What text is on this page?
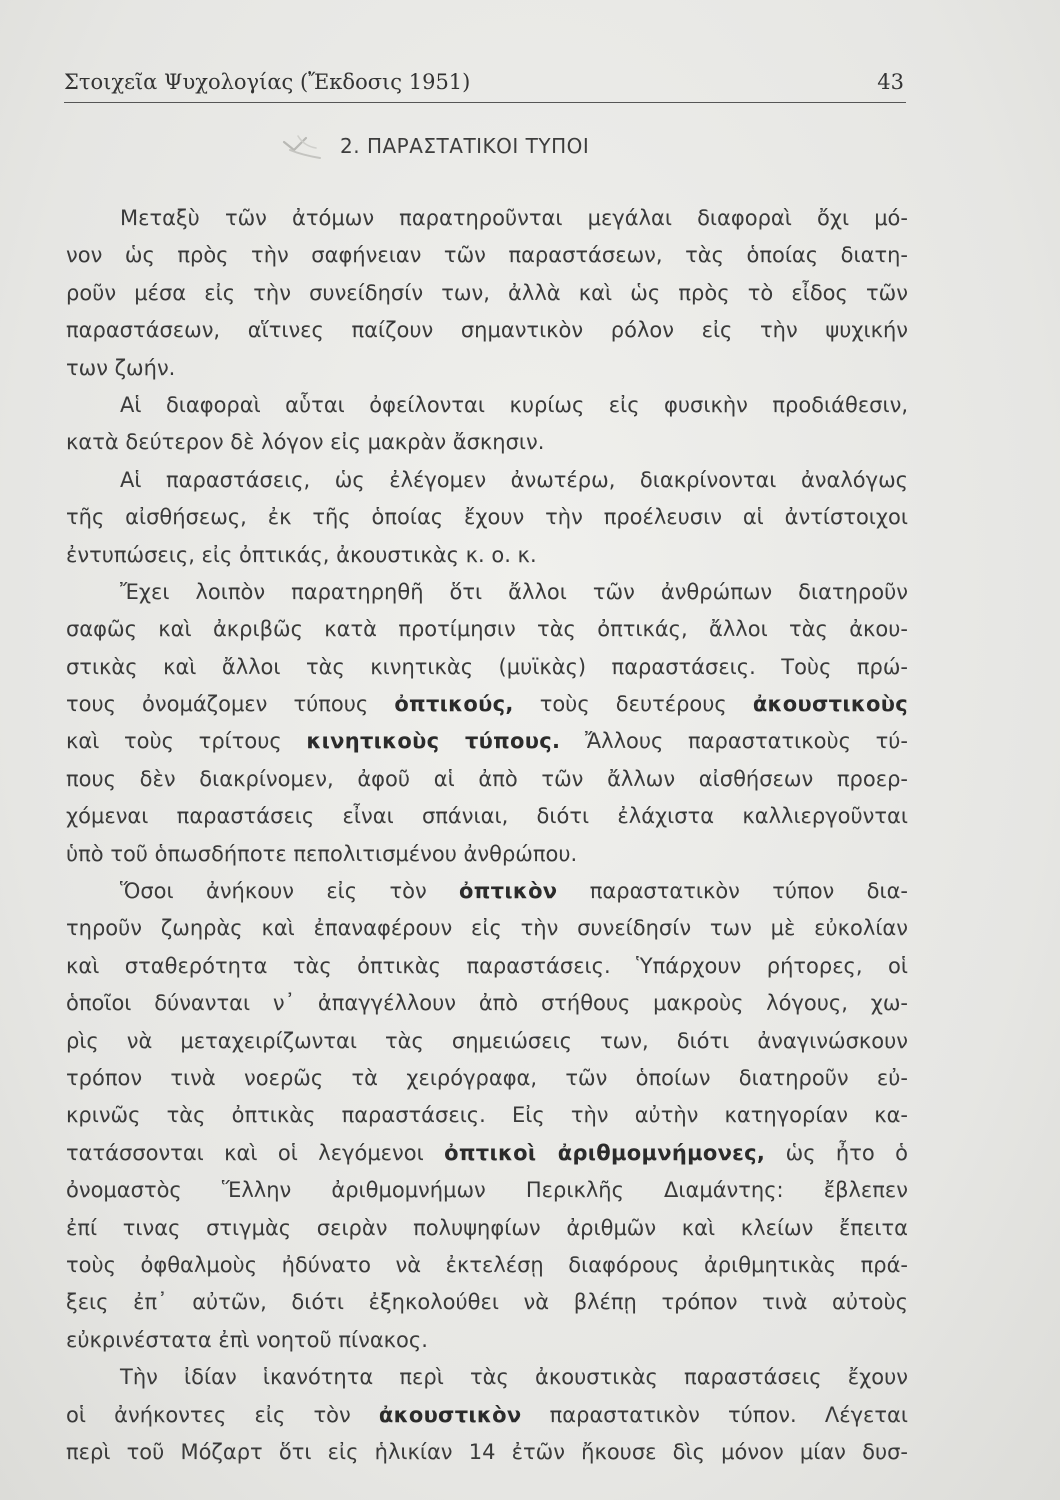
Στοιχεῖα Ψυχολογίας (Ἔκδοσις 1951)	43
2. ΠΑΡΑΣΤΑΤΙΚΟΙ ΤΥΠΟΙ
Μεταξὺ τῶν ἀτόμων παρατηροῦνται μεγάλαι διαφοραὶ ὄχι μό-
νον ὡς πρὸς τὴν σαφήνειαν τῶν παραστάσεων, τὰς ὁποίας διατη-
ροῦν μέσα εἰς τὴν συνείδησίν των, ἀλλὰ καὶ ὡς πρὸς τὸ εἶδος τῶν
παραστάσεων, αἵτινες παίζουν σημαντικὸν ρόλον εἰς τὴν ψυχικήν
των ζωήν.
Αἱ διαφοραὶ αὗται ὀφείλονται κυρίως εἰς φυσικὴν προδιάθεσιν,
κατὰ δεύτερον δὲ λόγον εἰς μακρὰν ἄσκησιν.
Αἱ παραστάσεις, ὡς ἐλέγομεν ἀνωτέρω, διακρίνονται ἀναλόγως
τῆς αἰσθήσεως, ἐκ τῆς ὁποίας ἔχουν τὴν προέλευσιν αἱ ἀντίστοιχοι
ἐντυπώσεις, εἰς ὀπτικάς, ἀκουστικὰς κ. ο. κ.
Ἔχει λοιπὸν παρατηρηθῆ ὅτι ἄλλοι τῶν ἀνθρώπων διατηροῦν
σαφῶς καὶ ἀκριβῶς κατὰ προτίμησιν τὰς ὀπτικάς, ἄλλοι τὰς ἀκου-
στικὰς καὶ ἄλλοι τὰς κινητικὰς (μυϊκὰς) παραστάσεις. Τοὺς πρώ-
τους ὀνομάζομεν τύπους ὀπτικούς, τοὺς δευτέρους ἀκουστικοὺς
καὶ τοὺς τρίτους κινητικοὺς τύπους. Ἄλλους παραστατικοὺς τύ-
πους δὲν διακρίνομεν, ἀφοῦ αἱ ἀπὸ τῶν ἄλλων αἰσθήσεων προερ-
χόμεναι παραστάσεις εἶναι σπάνιαι, διότι ἐλάχιστα καλλιεργοῦνται
ὑπὸ τοῦ ὁπωσδήποτε πεπολιτισμένου ἀνθρώπου.
Ὅσοι ἀνήκουν εἰς τὸν ὀπτικὸν παραστατικὸν τύπον δια-
τηροῦν ζωηρὰς καὶ ἐπαναφέρουν εἰς τὴν συνείδησίν των μὲ εὐκολίαν
καὶ σταθερότητα τὰς ὀπτικὰς παραστάσεις. Ὑπάρχουν ρήτορες, οἱ
ὁποῖοι δύνανται ν᾽ ἀπαγγέλλουν ἀπὸ στήθους μακροὺς λόγους, χω-
ρὶς νὰ μεταχειρίζωνται τὰς σημειώσεις των, διότι ἀναγινώσκουν
τρόπον τινὰ νοερῶς τὰ χειρόγραφα, τῶν ὁποίων διατηροῦν εὐ-
κρινῶς τὰς ὀπτικὰς παραστάσεις. Εἰς τὴν αὐτὴν κατηγορίαν κα-
τατάσσονται καὶ οἱ λεγόμενοι ὀπτικοὶ ἀριθμομνήμονες, ὡς ἦτο ὁ
ὀνομαστὸς Ἕλλην ἀριθμομνήμων Περικλῆς Διαμάντης: ἔβλεπεν
ἐπί τινας στιγμὰς σειρὰν πολυψηφίων ἀριθμῶν καὶ κλείων ἔπειτα
τοὺς ὀφθαλμοὺς ἠδύνατο νὰ ἐκτελέσῃ διαφόρους ἀριθμητικὰς πρά-
ξεις ἐπ᾽ αὐτῶν, διότι ἐξηκολούθει νὰ βλέπῃ τρόπον τινὰ αὐτοὺς
εὐκρινέστατα ἐπὶ νοητοῦ πίνακος.
Τὴν ἰδίαν ἱκανότητα περὶ τὰς ἀκουστικὰς παραστάσεις ἔχουν
οἱ ἀνήκοντες εἰς τὸν ἀκουστικὸν παραστατικὸν τύπον. Λέγεται
περὶ τοῦ Μόζαρτ ὅτι εἰς ἡλικίαν 14 ἐτῶν ἤκουσε δὶς μόνον μίαν δυσ-
